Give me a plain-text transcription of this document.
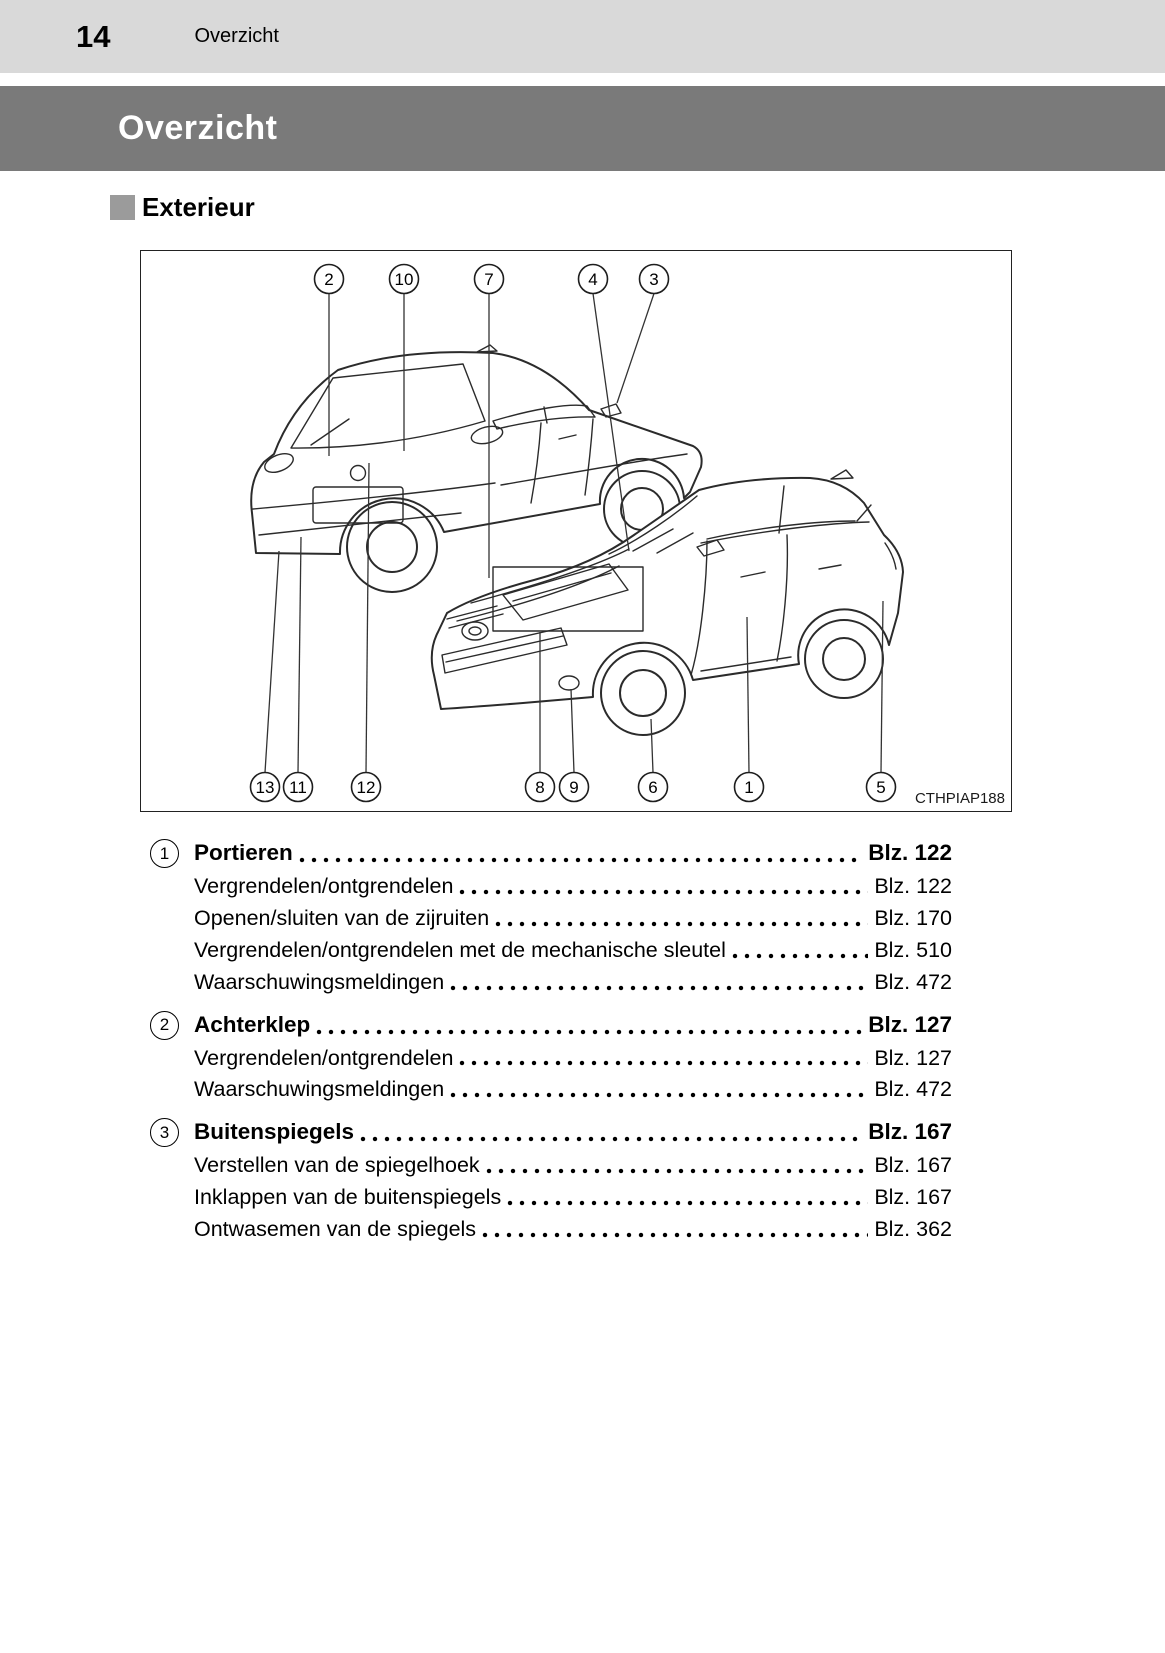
14	Overzicht
Overzicht
Exterieur
2	10	7	4	3
13 11	12	8 9	6	1	5
CTHPIAP188
1	Portieren	Blz. 122
Vergrendelen/ontgrendelen	Blz. 122
Openen/sluiten van de zijruiten	Blz. 170
Vergrendelen/ontgrendelen met de mechanische sleutel	Blz. 510
Waarschuwingsmeldingen	Blz. 472
2	Achterklep	Blz. 127
Vergrendelen/ontgrendelen	Blz. 127
Waarschuwingsmeldingen	Blz. 472
3	Buitenspiegels	Blz. 167
Verstellen van de spiegelhoek	Blz. 167
Inklappen van de buitenspiegels	Blz. 167
Ontwasemen van de spiegels	Blz. 362
